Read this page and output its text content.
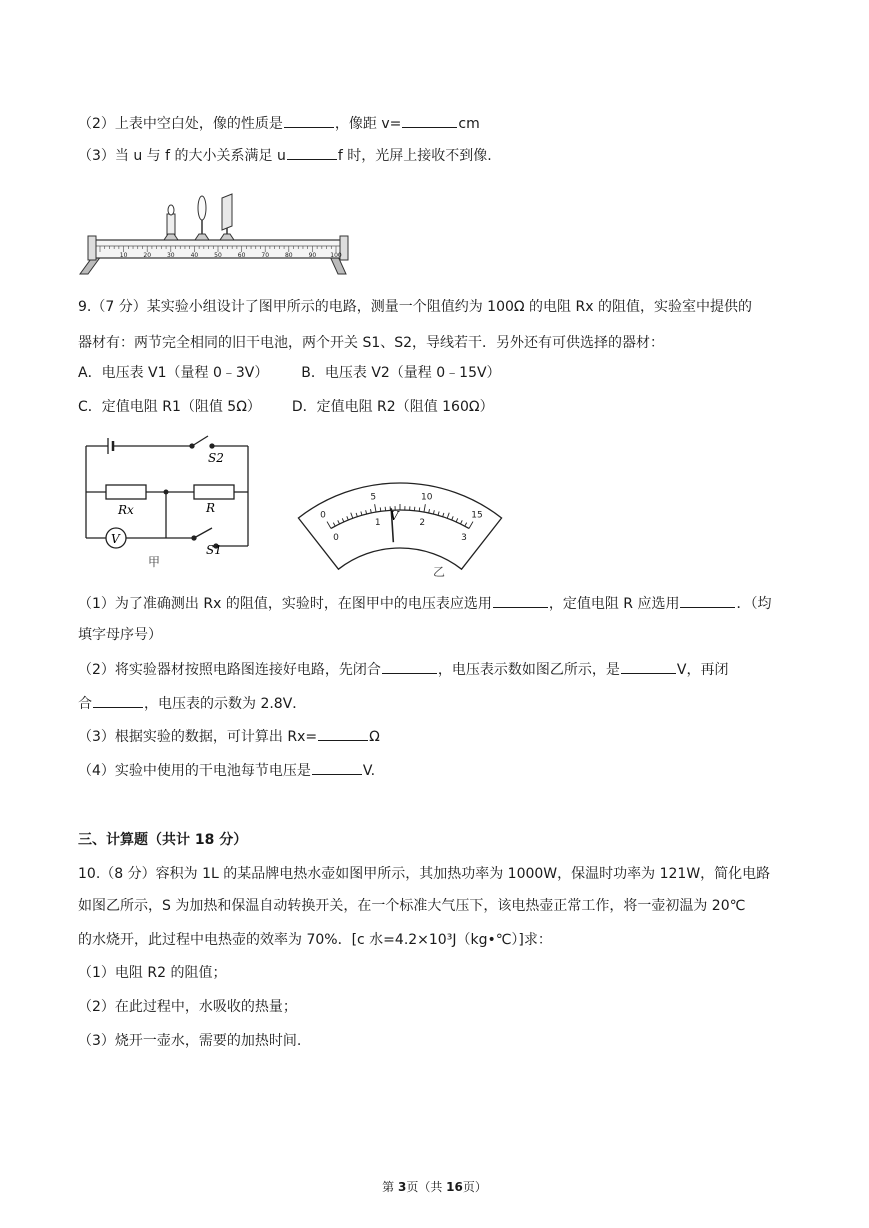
（2）上表中空白处，像的性质是	，像距 v=	cm
（3）当 u 与 f 的大小关系满足 u	f 时，光屏上接收不到像.
10	20	30	40	50	60	70	80	90 100
9.（7 分）某实验小组设计了图甲所示的电路，测量一个阻值约为 100Ω 的电阻 Rx 的阻值，实验室中提供的
器材有：两节完全相同的旧干电池，两个开关 S1、S2，导线若干．另外还有可供选择的器材：
A．电压表 V1（量程 0﹣3V） B．电压表 V2（量程 0﹣15V）
C．定值电阻 R1（阻值 5Ω） D．定值电阻 R2（阻值 160Ω）
S2
Rx	R
V
S1
甲
0
5	10
15
0
1	2
3
V
乙
（1）为了准确测出 Rx 的阻值，实验时，在图甲中的电压表应选用	，定值电阻 R 应选用	．（均
填字母序号）
（2）将实验器材按照电路图连接好电路，先闭合	，电压表示数如图乙所示，是	V，再闭
合	，电压表的示数为 2.8V．
（3）根据实验的数据，可计算出 Rx=	Ω
（4）实验中使用的干电池每节电压是	V.
三、计算题（共计 18 分）
10.（8 分）容积为 1L 的某品牌电热水壶如图甲所示，其加热功率为 1000W，保温时功率为 121W，简化电路
如图乙所示，S 为加热和保温自动转换开关，在一个标准大气压下，该电热壶正常工作，将一壶初温为 20℃
的水烧开，此过程中电热壶的效率为 70%．[c 水=4.2×10³J（kg•℃）]求：
（1）电阻 R2 的阻值；
（2）在此过程中，水吸收的热量；
（3）烧开一壶水，需要的加热时间.
第 3页（共 16页）
